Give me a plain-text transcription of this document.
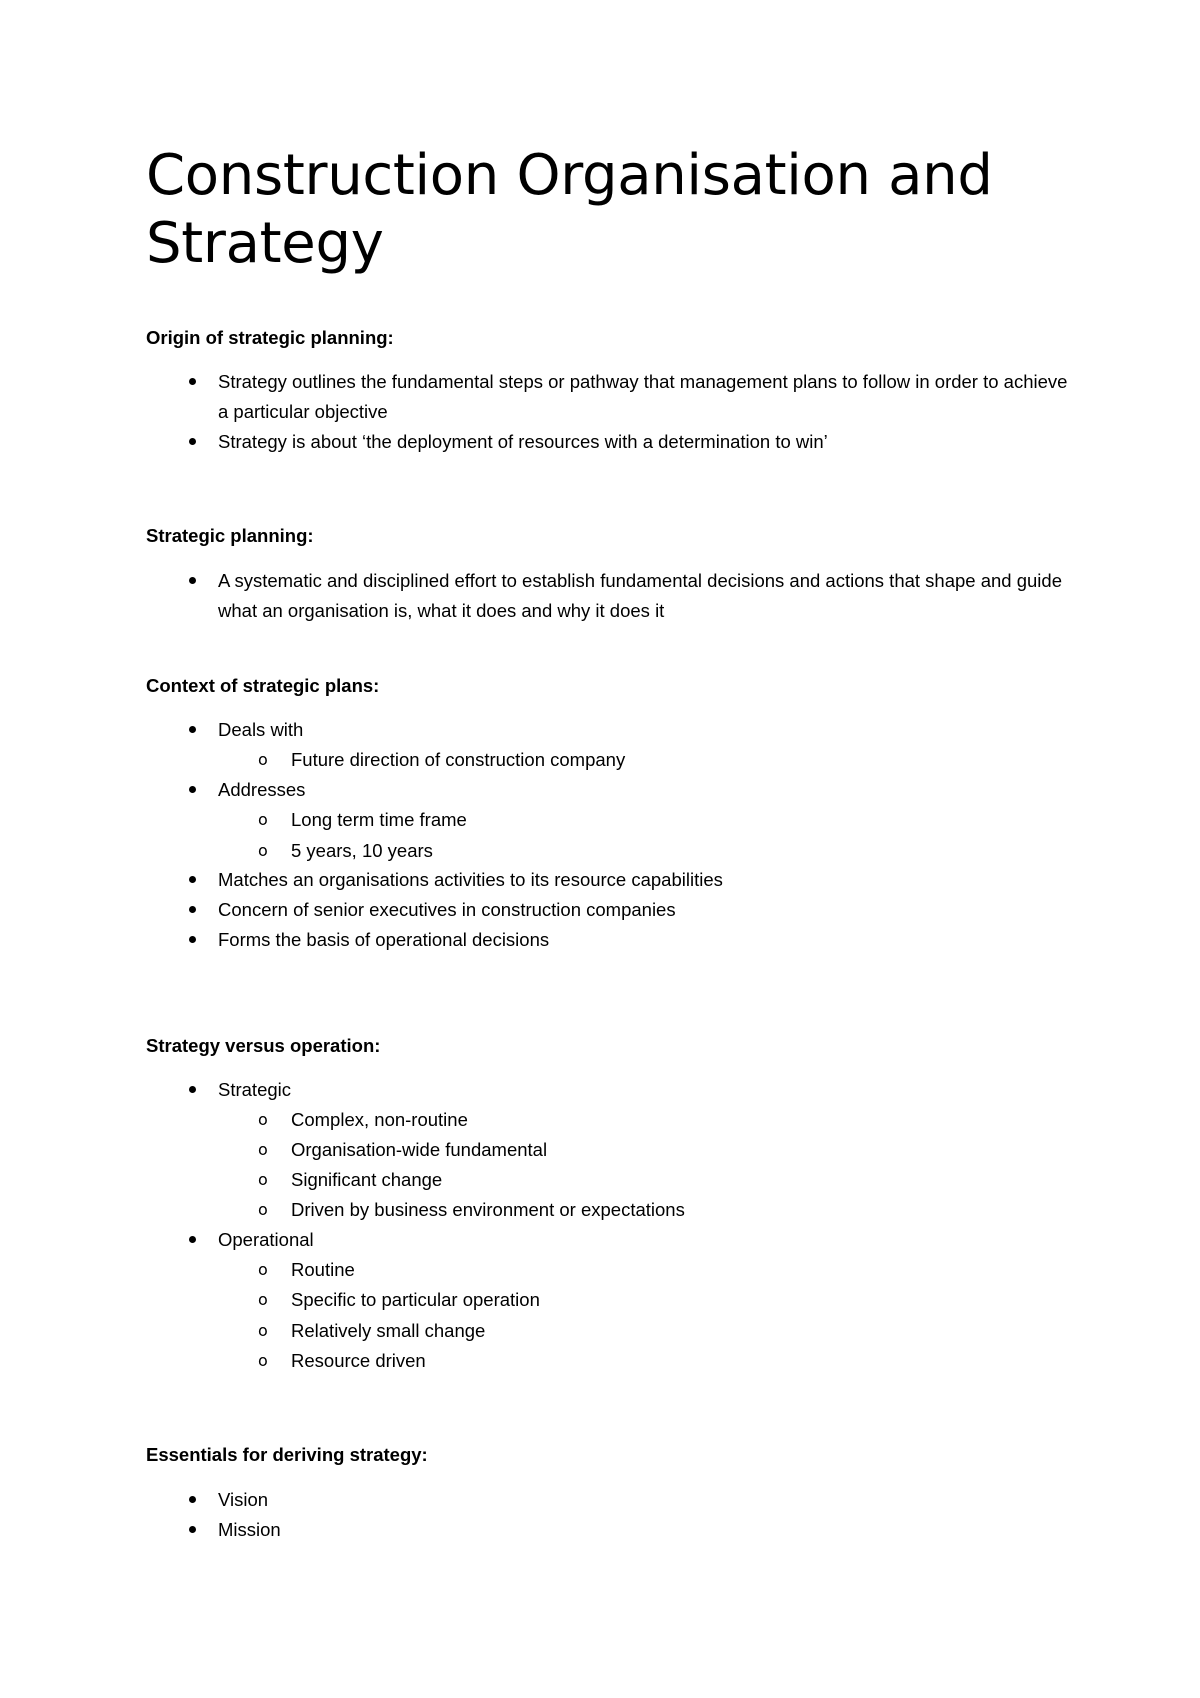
Construction Organisation and Strategy
Origin of strategic planning:
Strategy outlines the fundamental steps or pathway that management plans to follow in order to achieve a particular objective
Strategy is about ‘the deployment of resources with a determination to win’
Strategic planning:
A systematic and disciplined effort to establish fundamental decisions and actions that shape and guide what an organisation is, what it does and why it does it
Context of strategic plans:
Deals with
o Future direction of construction company
Addresses
o Long term time frame
o 5 years, 10 years
Matches an organisations activities to its resource capabilities
Concern of senior executives in construction companies
Forms the basis of operational decisions
Strategy versus operation:
Strategic
o Complex, non-routine
o Organisation-wide fundamental
o Significant change
o Driven by business environment or expectations
Operational
o Routine
o Specific to particular operation
o Relatively small change
o Resource driven
Essentials for deriving strategy:
Vision
Mission
